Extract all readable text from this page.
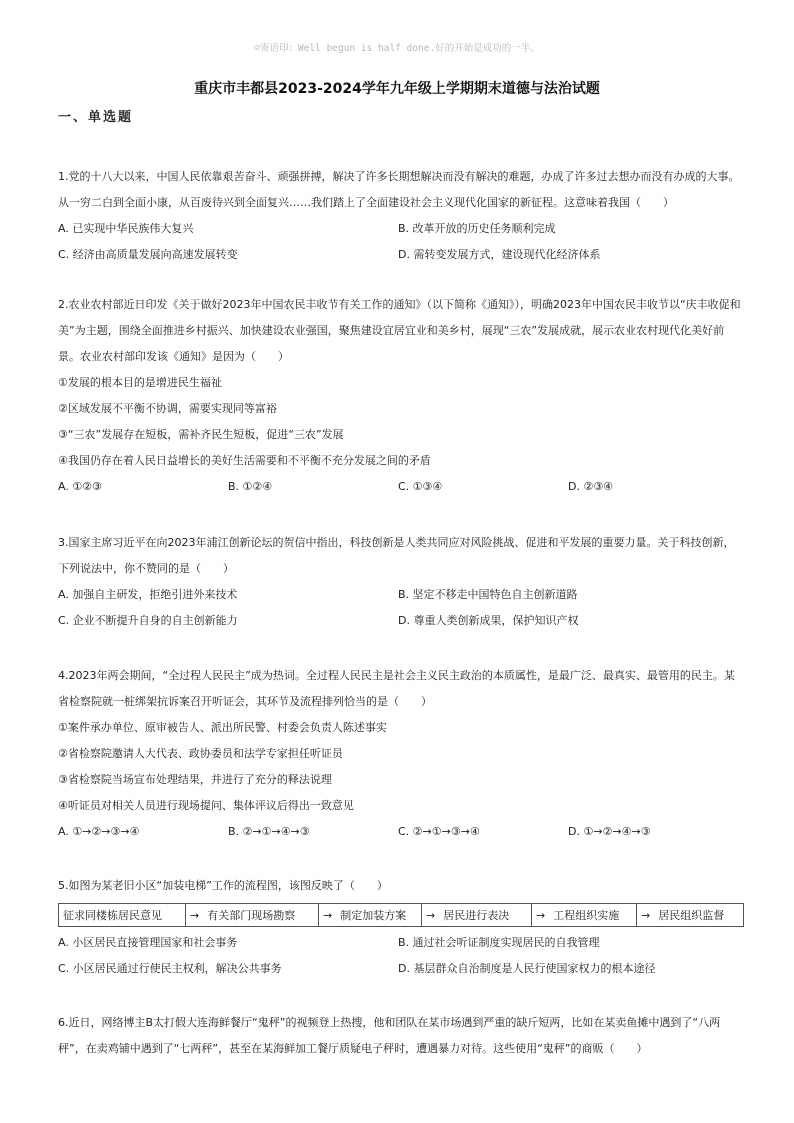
☺寄语印：Well begun is half done.好的开始是成功的一半。
重庆市丰都县2023-2024学年九年级上学期期末道德与法治试题
一、单选题

1.党的十八大以来，中国人民依靠艰苦奋斗、顽强拼搏，解决了许多长期想解决而没有解决的难题，办成了许多过去想办而没有办成的大事。从一穷二白到全面小康，从百废待兴到全面复兴……我们踏上了全面建设社会主义现代化国家的新征程。这意味着我国（　　）

A. 已实现中华民族伟大复兴	B. 改革开放的历史任务顺利完成
C. 经济由高质量发展向高速发展转变	D. 需转变发展方式，建设现代化经济体系

2.农业农村部近日印发《关于做好2023年中国农民丰收节有关工作的通知》（以下简称《通知》），明确2023年中国农民丰收节以“庆丰收促和美”为主题，围绕全面推进乡村振兴、加快建设农业强国，聚焦建设宜居宜业和美乡村，展现“三农”发展成就，展示农业农村现代化美好前景。农业农村部印发该《通知》是因为（　　）

①发展的根本目的是增进民生福祉

②区域发展不平衡不协调，需要实现同等富裕

③“三农”发展存在短板，需补齐民生短板，促进“三农”发展

④我国仍存在着人民日益增长的美好生活需要和不平衡不充分发展之间的矛盾

A. ①②③	B. ①②④	C. ①③④	D. ②③④

3.国家主席习近平在向2023年浦江创新论坛的贺信中指出，科技创新是人类共同应对风险挑战、促进和平发展的重要力量。关于科技创新，下列说法中，你不赞同的是（　　）

A. 加强自主研发，拒绝引进外来技术	B. 坚定不移走中国特色自主创新道路
C. 企业不断提升自身的自主创新能力	D. 尊重人类创新成果，保护知识产权

4.2023年两会期间，“全过程人民民主”成为热词。全过程人民民主是社会主义民主政治的本质属性，是最广泛、最真实、最管用的民主。某省检察院就一桩绑架抗诉案召开听证会，其环节及流程排列恰当的是（　　）

①案件承办单位、原审被告人、派出所民警、村委会负责人陈述事实

②省检察院邀请人大代表、政协委员和法学专家担任听证员

③省检察院当场宣布处理结果，并进行了充分的释法说理

④听证员对相关人员进行现场提问、集体评议后得出一致意见

A. ①→②→③→④	B. ②→①→④→③	C. ②→①→③→④	D. ①→②→④→③

5.如图为某老旧小区“加装电梯”工作的流程图，该图反映了（　　）

征求同楼栋居民意见	→ 有关部门现场勘察	→ 制定加装方案 → 居民进行表决 → 工程组织实施 → 居民组织监督
A. 小区居民直接管理国家和社会事务	B. 通过社会听证制度实现居民的自我管理
C. 小区居民通过行使民主权利，解决公共事务	D. 基层群众自治制度是人民行使国家权力的根本途径

6.近日，网络博主B太打假大连海鲜餐厅“鬼秤”的视频登上热搜，他和团队在某市场遇到严重的缺斤短两，比如在某卖鱼摊中遇到了“八两秤”，在卖鸡铺中遇到了“七两秤”，甚至在某海鲜加工餐厅质疑电子秤时，遭遇暴力对待。这些使用“鬼秤”的商贩（　　）
